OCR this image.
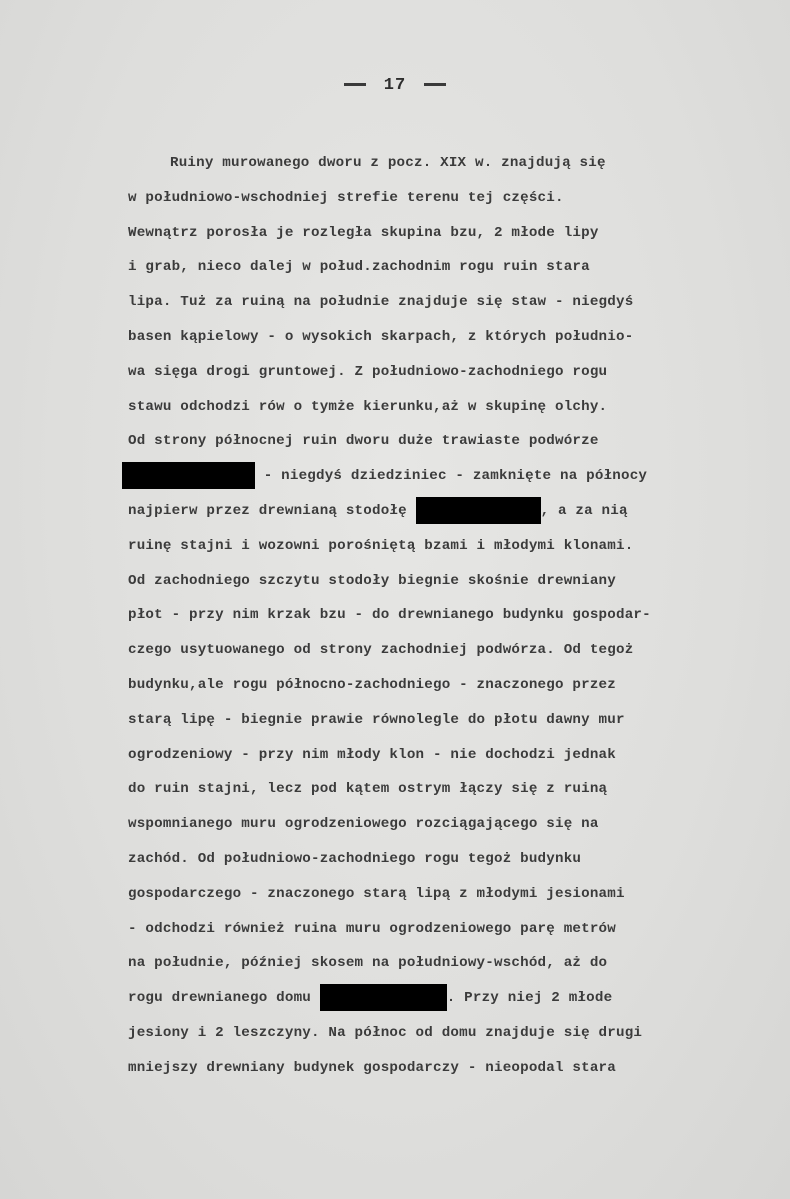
17
Ruiny murowanego dworu z pocz. XIX w. znajdują się
w południowo-wschodniej strefie terenu tej części.
Wewnątrz porosła je rozległa skupina bzu, 2 młode lipy
i grab, nieco dalej w połud.zachodnim rogu ruin stara
lipa. Tuż za ruiną na południe znajduje się staw - niegdyś
basen kąpielowy - o wysokich skarpach, z których południo-
wa sięga drogi gruntowej. Z południowo-zachodniego rogu
stawu odchodzi rów o tymże kierunku,aż w skupinę olchy.
Od strony północnej ruin dworu duże trawiaste podwórze
- niegdyś dziedziniec - zamknięte na północy
najpierw przez drewnianą stodołę	, a za nią
ruinę stajni i wozowni porośniętą bzami i młodymi klonami.
Od zachodniego szczytu stodoły biegnie skośnie drewniany
płot - przy nim krzak bzu - do drewnianego budynku gospodar-
czego usytuowanego od strony zachodniej podwórza. Od tegoż
budynku,ale rogu północno-zachodniego - znaczonego przez
starą lipę - biegnie prawie równolegle do płotu dawny mur
ogrodzeniowy - przy nim młody klon - nie dochodzi jednak
do ruin stajni, lecz pod kątem ostrym łączy się z ruiną
wspomnianego muru ogrodzeniowego rozciągającego się na
zachód. Od południowo-zachodniego rogu tegoż budynku
gospodarczego - znaczonego starą lipą z młodymi jesionami
- odchodzi również ruina muru ogrodzeniowego parę metrów
na południe, później skosem na południowy-wschód, aż do
rogu drewnianego domu	. Przy niej 2 młode
jesiony i 2 leszczyny. Na północ od domu znajduje się drugi
mniejszy drewniany budynek gospodarczy - nieopodal stara
